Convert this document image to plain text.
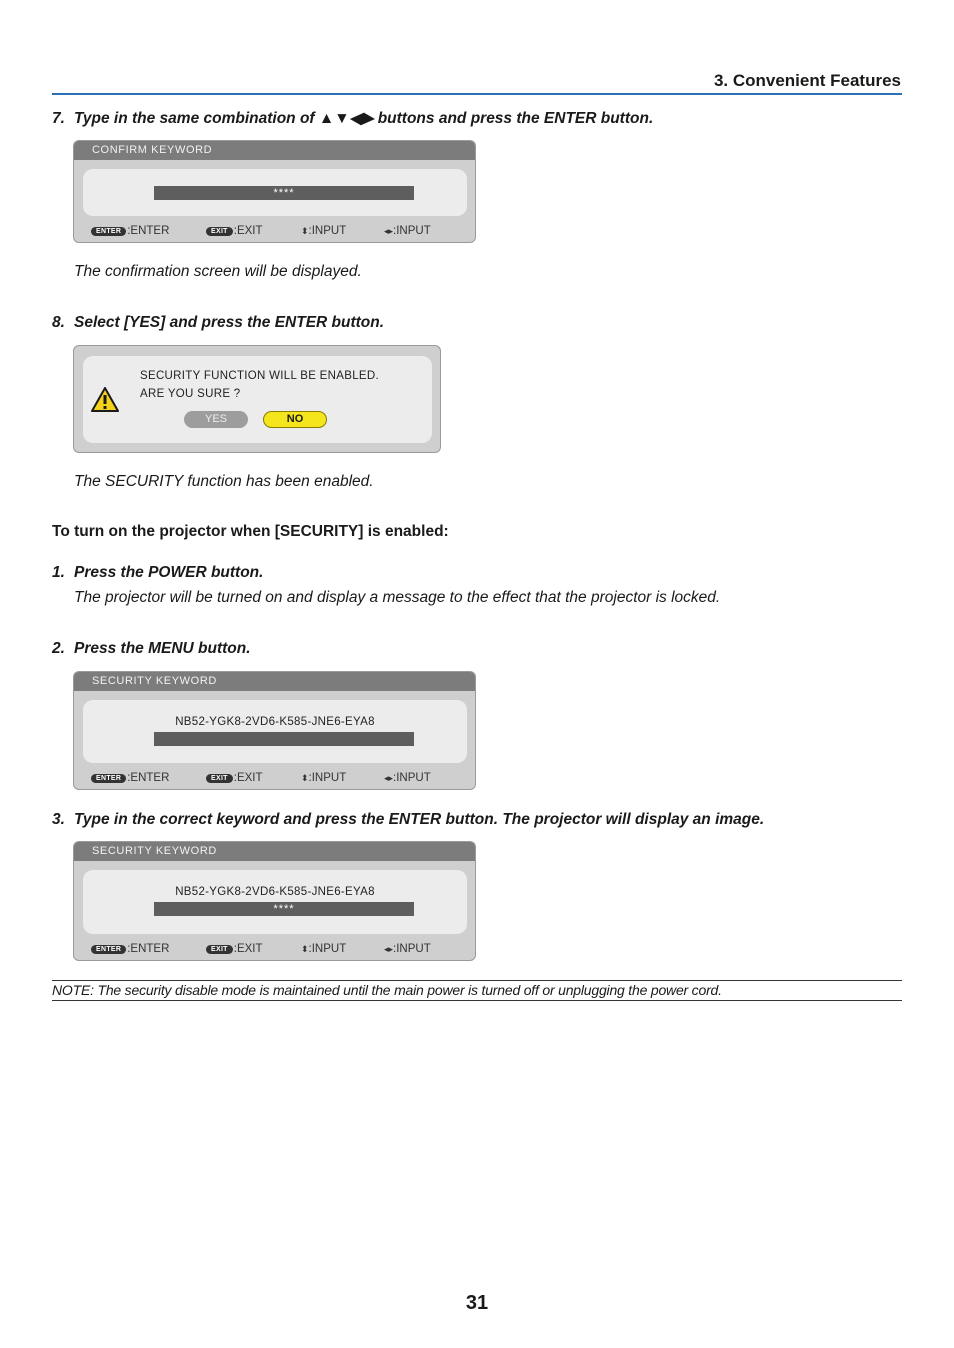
3. Convenient Features
7. Type in the same combination of ▲▼◀▶ buttons and press the ENTER button.
CONFIRM KEYWORD
****
ENTER :ENTER	EXIT :EXIT	⬍:INPUT	◂▸:INPUT
The confirmation screen will be displayed.
8. Select [YES] and press the ENTER button.
SECURITY FUNCTION WILL BE ENABLED.
ARE YOU SURE ?
YES	NO
The SECURITY function has been enabled.
To turn on the projector when [SECURITY] is enabled:
1. Press the POWER button.
The projector will be turned on and display a message to the effect that the projector is locked.
2. Press the MENU button.
SECURITY KEYWORD
NB52-YGK8-2VD6-K585-JNE6-EYA8
ENTER :ENTER	EXIT :EXIT	⬍:INPUT	◂▸:INPUT
3. Type in the correct keyword and press the ENTER button. The projector will display an image.
SECURITY KEYWORD
NB52-YGK8-2VD6-K585-JNE6-EYA8
****
ENTER :ENTER	EXIT :EXIT	⬍:INPUT	◂▸:INPUT
NOTE: The security disable mode is maintained until the main power is turned off or unplugging the power cord.
31
